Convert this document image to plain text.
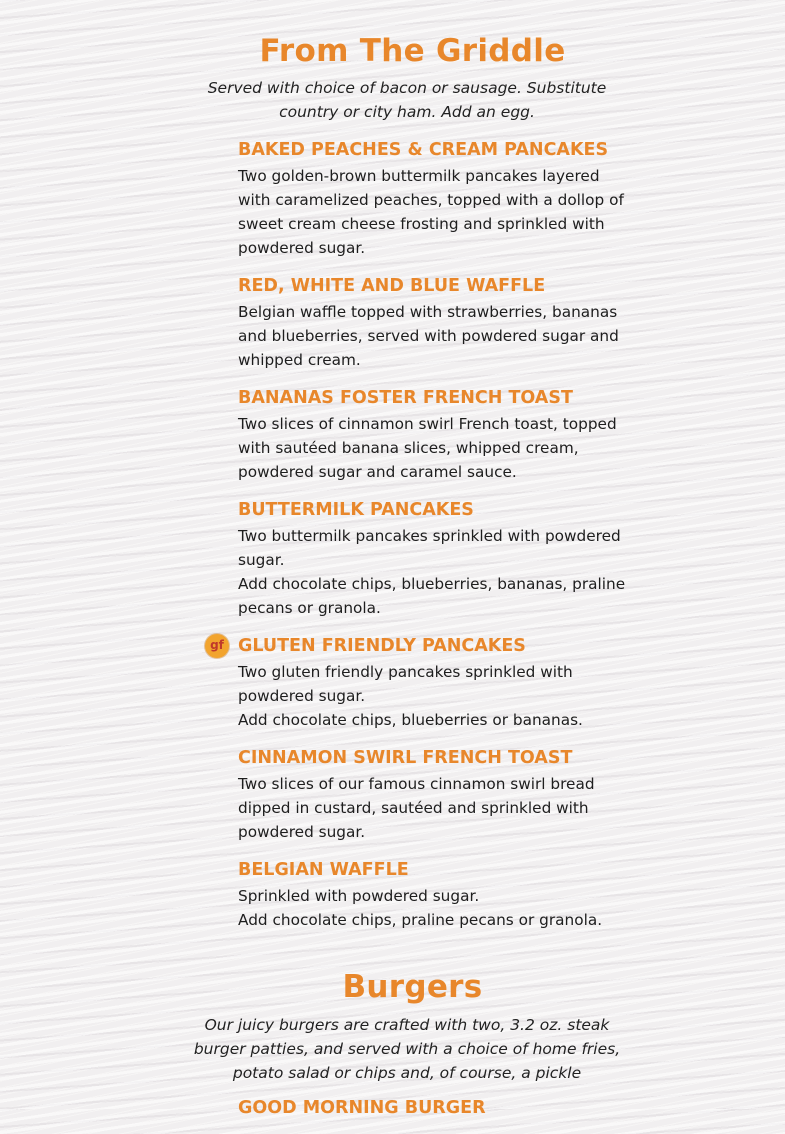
From The Griddle

Served with choice of bacon or sausage. Substitute country or city ham. Add an egg.

BAKED PEACHES & CREAM PANCAKES

Two golden-brown buttermilk pancakes layered with caramelized peaches, topped with a dollop of sweet cream cheese frosting and sprinkled with powdered sugar.

RED, WHITE AND BLUE WAFFLE

Belgian waffle topped with strawberries, bananas and blueberries, served with powdered sugar and whipped cream.

BANANAS FOSTER FRENCH TOAST

Two slices of cinnamon swirl French toast, topped with sautéed banana slices, whipped cream, powdered sugar and caramel sauce.

BUTTERMILK PANCAKES

Two buttermilk pancakes sprinkled with powdered sugar.

Add chocolate chips, blueberries, bananas, praline pecans or granola.

gf GLUTEN FRIENDLY PANCAKES

Two gluten friendly pancakes sprinkled with powdered sugar.

Add chocolate chips, blueberries or bananas.

CINNAMON SWIRL FRENCH TOAST

Two slices of our famous cinnamon swirl bread dipped in custard, sautéed and sprinkled with powdered sugar.

BELGIAN WAFFLE

Sprinkled with powdered sugar.

Add chocolate chips, praline pecans or granola.

Burgers

Our juicy burgers are crafted with two, 3.2 oz. steak burger patties, and served with a choice of home fries, potato salad or chips and, of course, a pickle

GOOD MORNING BURGER
